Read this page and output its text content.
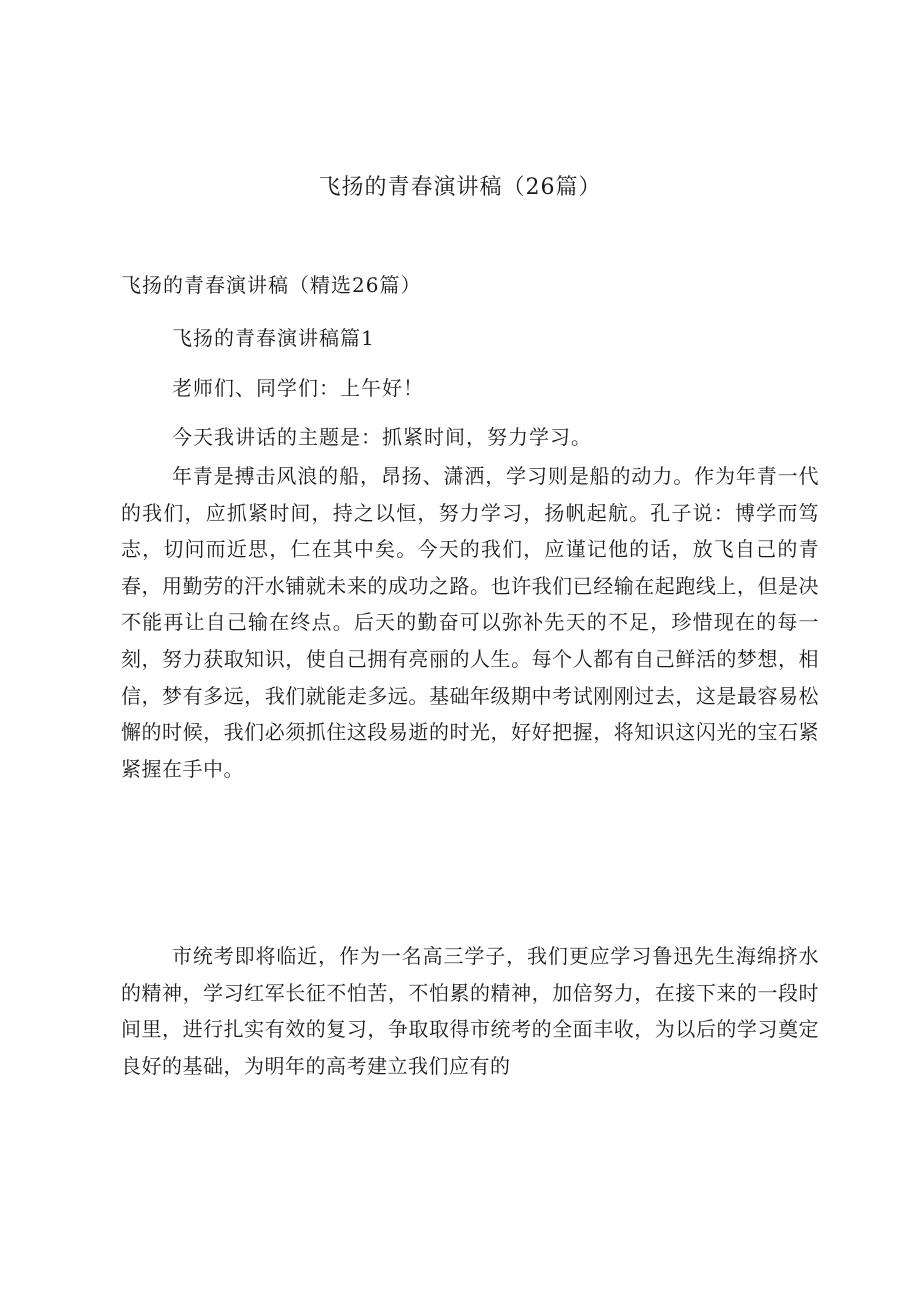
飞扬的青春演讲稿（26篇）

飞扬的青春演讲稿（精选26篇）

飞扬的青春演讲稿篇1

老师们、同学们：上午好！

今天我讲话的主题是：抓紧时间，努力学习。

年青是搏击风浪的船，昂扬、潇洒，学习则是船的动力。作为年青一代的我们，应抓紧时间，持之以恒，努力学习，扬帆起航。孔子说：博学而笃志，切问而近思，仁在其中矣。今天的我们，应谨记他的话，放飞自己的青春，用勤劳的汗水铺就未来的成功之路。也许我们已经输在起跑线上，但是决不能再让自己输在终点。后天的勤奋可以弥补先天的不足，珍惜现在的每一刻，努力获取知识，使自己拥有亮丽的人生。每个人都有自己鲜活的梦想，相信，梦有多远，我们就能走多远。基础年级期中考试刚刚过去，这是最容易松懈的时候，我们必须抓住这段易逝的时光，好好把握，将知识这闪光的宝石紧紧握在手中。

市统考即将临近，作为一名高三学子，我们更应学习鲁迅先生海绵挤水的精神，学习红军长征不怕苦，不怕累的精神，加倍努力，在接下来的一段时间里，进行扎实有效的复习，争取取得市统考的全面丰收，为以后的学习奠定良好的基础，为明年的高考建立我们应有的
